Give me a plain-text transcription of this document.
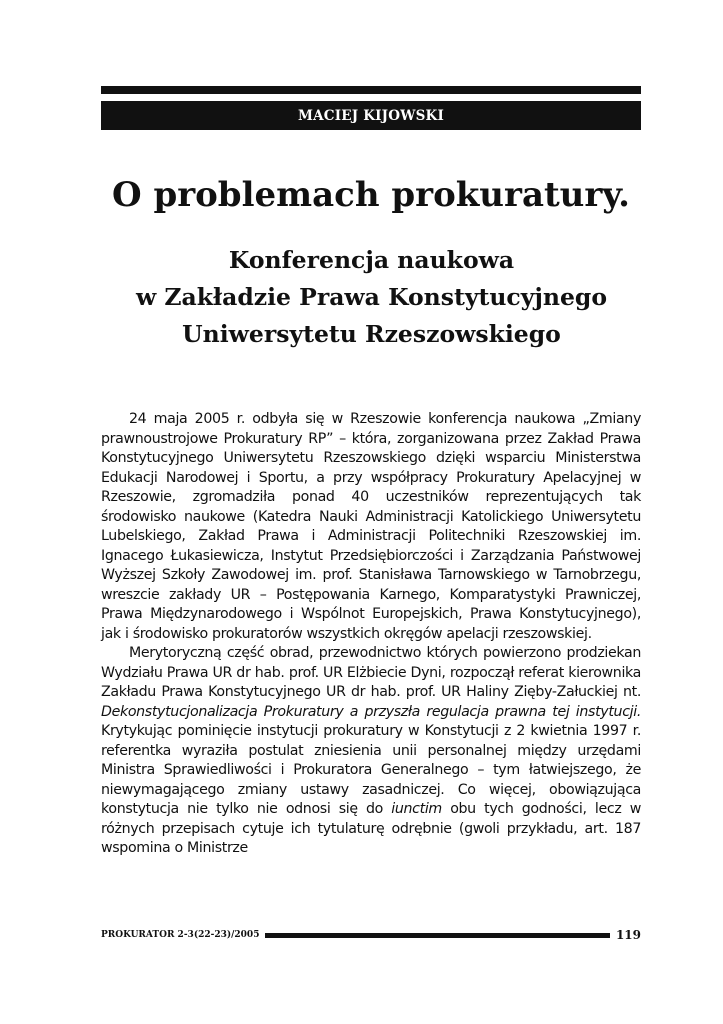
MACIEJ KIJOWSKI
O problemach prokuratury.
Konferencja naukowa
w Zakładzie Prawa Konstytucyjnego
Uniwersytetu Rzeszowskiego

24 maja 2005 r. odbyła się w Rzeszowie konferencja naukowa „Zmiany prawnoustrojowe Prokuratury RP” – która, zorganizowana przez Zakład Prawa Konstytucyjnego Uniwersytetu Rzeszowskiego dzięki wsparciu Ministerstwa Edukacji Narodowej i Sportu, a przy współpracy Prokuratury Apelacyjnej w Rzeszowie, zgromadziła ponad 40 uczestników reprezentujących tak środowisko naukowe (Katedra Nauki Administracji Katolickiego Uniwersytetu Lubelskiego, Zakład Prawa i Administracji Politechniki Rzeszowskiej im. Ignacego Łukasiewicza, Instytut Przedsiębiorczości i Zarządzania Państwowej Wyższej Szkoły Zawodowej im. prof. Stanisława Tarnowskiego w Tarnobrzegu, wreszcie zakłady UR – Postępowania Karnego, Komparatystyki Prawniczej, Prawa Międzynarodowego i Wspólnot Europejskich, Prawa Konstytucyjnego), jak i środowisko prokuratorów wszystkich okręgów apelacji rzeszowskiej.

Merytoryczną część obrad, przewodnictwo których powierzono prodziekan Wydziału Prawa UR dr hab. prof. UR Elżbiecie Dyni, rozpoczął referat kierownika Zakładu Prawa Konstytucyjnego UR dr hab. prof. UR Haliny Zięby-Załuckiej nt. Dekonstytucjonalizacja Prokuratury a przyszła regulacja prawna tej instytucji. Krytykując pominięcie instytucji prokuratury w Konstytucji z 2 kwietnia 1997 r. referentka wyraziła postulat zniesienia unii personalnej między urzędami Ministra Sprawiedliwości i Prokuratora Generalnego – tym łatwiejszego, że niewymagającego zmiany ustawy zasadniczej. Co więcej, obowiązująca konstytucja nie tylko nie odnosi się do iunctim obu tych godności, lecz w różnych przepisach cytuje ich tytulaturę odrębnie (gwoli przykładu, art. 187 wspomina o Ministrze

PROKURATOR 2-3(22-23)/2005	119
